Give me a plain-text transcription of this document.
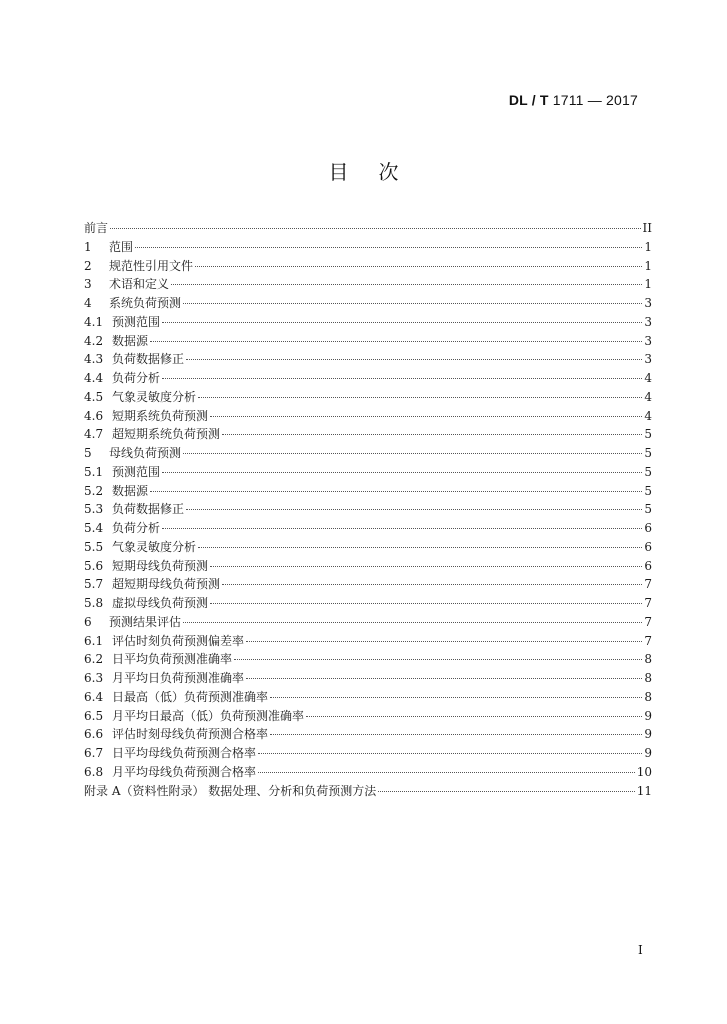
DL / T 1711 — 2017
目次
前言	II
1	范围	1
2	规范性引用文件	1
3	术语和定义	1
4	系统负荷预测	3
4.1 预测范围	3
4.2 数据源	3
4.3 负荷数据修正	3
4.4 负荷分析	4
4.5 气象灵敏度分析	4
4.6 短期系统负荷预测	4
4.7 超短期系统负荷预测	5
5	母线负荷预测	5
5.1 预测范围	5
5.2 数据源	5
5.3 负荷数据修正	5
5.4 负荷分析	6
5.5 气象灵敏度分析	6
5.6 短期母线负荷预测	6
5.7 超短期母线负荷预测	7
5.8 虚拟母线负荷预测	7
6	预测结果评估	7
6.1 评估时刻负荷预测偏差率	7
6.2 日平均负荷预测准确率	8
6.3 月平均日负荷预测准确率	8
6.4 日最高（低）负荷预测准确率	8
6.5 月平均日最高（低）负荷预测准确率	9
6.6 评估时刻母线负荷预测合格率	9
6.7 日平均母线负荷预测合格率	9
6.8 月平均母线负荷预测合格率	10
附录 A（资料性附录） 数据处理、分析和负荷预测方法	11
I
